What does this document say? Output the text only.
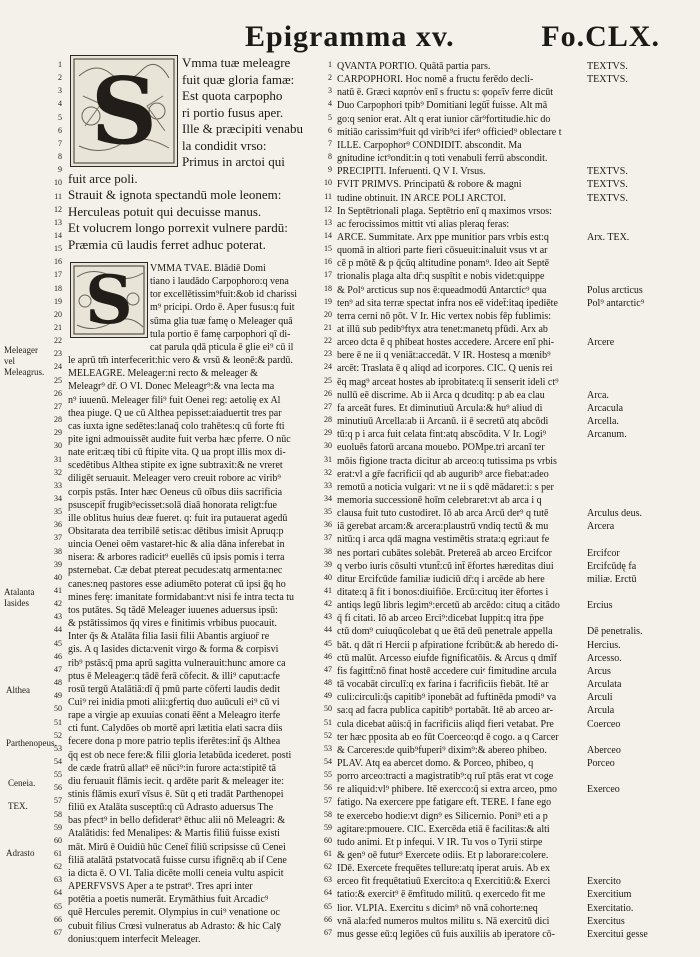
Epigramma xv.	Fo.CLX.
1
2
3
4
5
6
7
8
9
10
11
12
13
14
15
16
17
18
19
20
21
22
23
24
25
26
27
28
29
30
31
32
33
34
35
36
37
38
39
40
41
42
43
44
45
46
47
48
49
50
51
52
53
54
55
56
57
58
59
60
61
62
63
64
65
66
67
1
2
3
4
5
6
7
8
9
10
11
12
13
14
15
16
17
18
19
20
21
22
23
24
25
26
27
28
29
30
31
32
33
34
35
36
37
38
39
40
41
42
43
44
45
46
47
48
49
50
51
52
53
54
55
56
57
58
59
60
61
62
63
64
65
66
67
S
S
Vmma tuæ meleagre
fuit quæ gloria famæ:
Est quota carpopho
ri portio fusus aper.
Ille & præcipiti venabu
la condidit vrso:
Primus in arctoi qui
fuit arce poli.
Strauit & ignota spectandū mole leonem:
Herculeas potuit qui decuisse manus.
Et volucrem longo porrexit vulnere pardū:
Præmia cū laudis ferret adhuc poterat.
VMMA TVAE. Blādiē Domi
tiano i laudādo Carpophoro:q vena
tor excellētissim⁹fuit:&ob id charissi
m⁹ pricipi. Ordo ē. Aper fusus:q fuit
sūma glia tuæ famę o Meleager quā
tula portio ē famę carpophori qī di-
cat parula qdā pticula ē glie ei⁹ cū il
le aprū tm̄ interfecerit:hic vero & vrsū & leonē:& pardū.
MELEAGRE. Meleager:ni recto & meleager &
Meleagr⁹ dr̄. O VI. Donec Meleagr⁹:& vna lecta ma
n⁹ iuuenū. Meleager fili⁹ fuit Oenei reg: aetolię ex Al
thea piuge. Q ue cū Althea pepisset:aiaduertit tres par
cas iuxta igne sedētes:lanaq̄ colo trahētes:q cū forte fti
pite igni admouissēt audite fuit verba hæc pferre. O nūc
nate erit:æq tibi cū ftipite vita. Q ua propt illis mox di-
scedētibus Althea stipite ex igne subtraxit:& ne vreret
diligēt seruauit. Meleager vero creuit robore ac virib⁹
corpis pstās. Inter hæc Oeneus cū oībus diis sacrificia
psuscepit̄ frugib⁹ecisset:solā diaā honorata religt:fue
ille oblitus huius deæ fueret. q: fuit ira putauerat agedū
Obsitarata dea terribilē setis:ac dētibus imisit Apruq:p
uincia Oenei oēm vastaret-hic & alia dāna inferebat in
nisera: & arbores radicit⁹ euellēs cū ipsis pomis i terra
psternebat. Cæ debat ptereat pecudes:atq armenta:nec
canes:neq pastores esse adiumēto poterat cū ipsi ḡq ho
mines ferę: imanitate formidabant:vt nisi fe intra tecta tu
tos putātes. Sq tādē Meleager iuuenes aduersus ipsū:
& pstātissimos q̄q vires e finitimis vrbibus puocauit.
Inter q̄s & Atalāta filia Iasii filii Abantis argiuor̄ re
gis. A q Iasides dicta:venit virgo & forma & corpisvi
rib⁹ pstās:q̄ pma aprū sagitta vulnerauit:hunc amore ca
ptus ē Meleager:q tādē ferā cōfecit. & illi⁹ caput:acfe
rosū tergū Atalātiā:dī q̄ pmū parte cōferti laudis dedit
Cui⁹ rei inidia pmoti alii:gfertiq duo auūculi ei⁹ cū vi
rape a virgie ap exuuias conati ēēnt a Meleagro iterfe
cti funt. Calydōes ob mortē apri lætitia elati sacra diis
fecere dona p more patrio teplis iferētes:int̄ q̄s Althea
q̄q est ob nece fere:& filii gloria letabūda icederet. posti
de cæde fratrū allat⁹ eē nūci⁹:in furore acta:stipitē tā
diu feruauit flāmis iecit. q ardēte parit & meleager ite:
stinis flāmis exurī vīsus ē. Sūt q eti tradāt Parthenopei
filiū ex Atalāta susceptū:q cū Adrasto aduersus The
bas pfect⁹ in bello defiderat⁹ ēthuc alii nō Meleagri: &
Atalātidis: fed Menalipes: & Martis filiū fuisse existi
māt. Mirū ē Ouidiū hūc Ceneī filiū scripsisse cū Cenei
filiā atalātā pstatvocatā fuisse cursu ifignē:q ab iſ Cene
ia dicta ē. O VI. Talia dicēte molli ceneia vultu aspicit
APERFVSVS Aper a te pstrat⁹. Tres apri inter
potētia a poetis numerāt. Erymāthius fuit Arcadic⁹
quē Hercules peremit. Olympius in cui⁹ venatione oc
cubuit filius Crœsi vulneratus ab Adrasto: & hic Calȳ
donius:quem interfecit Meleager.
Meleager vel Meleagrus.
Atalanta Iasides
Althea
Parthenopeus.
Ceneia.
TEX.
Adrasto
QVANTA PORTIO. Quātā partia pars.
CARPOPHORI. Hoc nomē a fructu ferēdo decli-
natū ē. Græci καρπὸν enī s fructu s: φορεῖν ferre dicūt
Duo Carpophori tpib⁹ Domitiani legūt̄ fuisse. Alt mā
go:q senior erat. Alt q erat iunior cār⁹fortitudie.hic do
mitiāo carissim⁹fuit qd virib⁹ci ifer⁹ officied⁹ oblectare t
ILLE. Carpophor⁹ CONDIDIT. abscondit. Ma
gnitudine ict⁹ondit:in q toti venabuli ferrū abscondit.
PRECIPITI. Inferuenti. Q V I. Vrsus.
FVIT PRIMVS. Principatū & robore & magni
tudine obtinuit. IN ARCE POLI ARCTOI.
In Septētrionali plaga. Septētrio enī q maximos vrsos:
ac ferocissimos mittit vti alias pleraq feras:
ARCE. Summitate. Arx ppe munitior pars vrbis est:q
quomā in altiori parte fieri cōsueuit:inaluit vsus vt ar
cē p mōtē & p q̄cūq altitudine ponam⁹. Ideo ait Septē
trionalis plaga alta dr̄:q suspītit e nobis videt:quippe
& Pol⁹ arcticus sup nos ē:queadmodū Antarctic⁹ qua
ten⁹ ad sita terræ spectat infra nos eē videt̄:itaq ipediēte
terra cerni nō pōt. V Ir. Hic vertex nobis fēp fublimis:
at illū sub pedib⁹ftyx atra tenet:manetq pfūdi. Arx ab
arceo dcta ē q phibeat hostes accedere. Arcere enī phi-
bere ē ne ii q veniāt:accedāt. V IR. Hostesq a mœnib⁹
arcēt: Traslata ē q aliqd ad icorpores. CIC. Q uenis rei
ēq mag⁹ arceat hostes ab iprobitate:q ĭi senserit ideli ct⁹
nullū eē discrime. Ab ii Arca q dcuditq: p ab ea clau
fa arceāt fures. Et diminutiuū Arcula:& hu⁹ aliud di
minutiuū Arcella:ab ii Arcanū. ii ē secretū atq abcōdi
tū:q p i arca fuit celata fint:atq abscōdita. V Ir. Logi⁹
euoluēs fatorū arcana mouebo. POMpe.tri arcanī ter
mōis figione tracta dicitur ab arceo:q tutissima ps vrbis
erat:vl a gr̄e facrificii qd ab augurib⁹ arce fiebat:adeo
remotū a noticia vulgari: vt ne ii s qdē mādaret:i: s per
memoria successionē hoīm celebraret:vt ab arca i q
clausa fuit tuto custodiret. Iō ab arca Arcū der⁹ q tutē
iā gerebat arcam:& arcera:plaustrū vndiq tectū & mu
nitū:q i arca qdā magna vestimētis strata:q egri:aut fe
nes portari cubātes solebāt. Pretereā ab arceo Ercifcor
q verbo iuris cōsulti vtunt̄:cū int̄ ēfortes hæreditas diui
ditur Ercifcūde familiæ iudiciū dr̄:q i arcēde ab here
ditate:q ā fit i bonos:diuifiōe. Ercū:cituq iter ēfortes i
antiqs legū libris legim⁹:ercetū ab arcēdo: cituq a citādo
q̄ fi citati. Iō ab arceo Erci⁹:dicebat Iuppit:q itra p̄pe
ctū dom⁹ cuiuqūcolebat q ue ētā deū penetrale appella
bāt. q dāt ri Hercii p afpiratione fcribūt:& ab heredo di-
ctū malūt. Arcesso eiufde fignificatōis. & Arcus q dmīf
fis fagittt̄:nō finat hostē accedere cuiᵉ fimitudine arcula
tā vocabāt circulī:q ex farina i facrificiis fiebāt. Itē ar
culi:circuli:q̄s capitib⁹ iponebāt ad fuftinēda pmodi⁹ va
sa:q ad facra publica capitib⁹ portabāt. Itē ab arceo ar-
cula dicebat aūis:q̄ in facrificiis aliqd fieri vetabat. Pre
ter hæc pposita ab eo fūt Coerceo:qd ē cogo. a q Carcer
& Carceres:de quib⁹fuperi⁹ dixim⁹:& abereo phibeo.
PLAV. Atq ea abercet domo. & Porceo, phibeo, q
porro arceo:tracti a magistratib⁹:q ruī ptās erat vt coge
re aliquid:vl⁹ phibere. Itē exercco:q̄ si extra arceo, pmo
fatigo. Na exercere ppe fatigare eft. TERE. I fane ego
te exercebo hodie:vt dign⁹ es Silicernio. Poni⁹ eti a p
agitare:pmouere. CIC. Exercēda etiā ē facilitas:& alti
tudo animi. Et p infequi. V IR. Tu vos o Tyrii stirpe
& gen⁹ oē futur⁹ Exercete odiis. Et p laborare:colere.
IDē. Exercete frequētes tellure:atq iperat aruis. Ab ex
erceo fit frequētatiuū Exercito:a q Exercitiū:& Exerci
tatio:& exercit⁹ ē ēmfitudo militū. q exercedo fit me
lior. VLPIA. Exercitu s dicim⁹ nō vnā cohorte:neq
vnā ala:fed numeros multos militu s. Nā exercitū dici
mus gesse eū:q legiōes cū fuis auxiliis ab iperatore cō-
TEXTVS.
TEXTVS.
TEXTVS.
TEXTVS.
TEXTVS.
Arx. TEX.
Polus arcticus
Pol⁹ antarctic⁹
Arcere
Arca.
Arcacula
Arcella.
Arcanum.
Arculus deus.
Arcera
Ercifcor
Ercifcūdę fa
miliæ. Erctū
Ercius
Dē penetralis.
Hercius.
Arcesso.
Arcus
Arculata
Arculi
Arcula
Coerceo
Aberceo
Porceo
Exerceo
Exercito
Exercitium
Exercitatio.
Exercitus
Exercitui gesse
